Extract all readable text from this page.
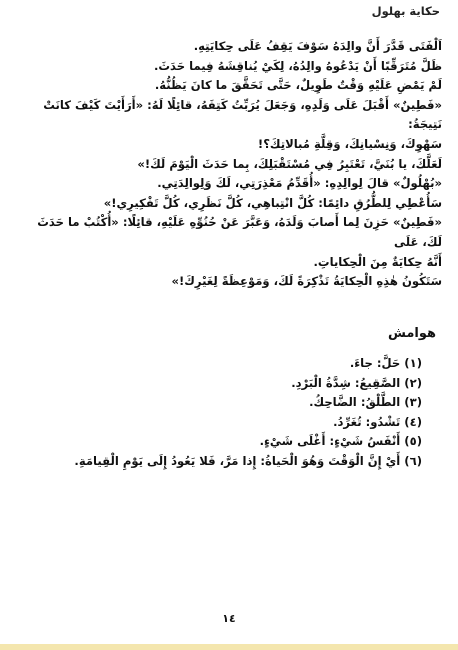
حكاية بهلول

اَلْفَتَى قَدَّرَ أَنَّ والِدَهُ سَوْفَ يَقِفُ عَلَى حِكايَتِهِ.

ظَلَّ مُتَرَقِّبًا أَنْ يَدْعُوهُ والِدُهُ، لِكَيْ يُناقِشَهُ فِيما حَدَثَ.

لَمْ يَمْضِ عَلَيْهِ وَقْتٌ طَوِيلٌ، حَتَّى تَحَقَّقَ ما كانَ يَظُنُّهُ.

«فَطِينٌ» أَقْبَلَ عَلَى وَلَدِهِ، وَجَعَلَ يُرَبِّتُ كَتِفَهُ، قائِلًا لَهُ: «أَرَأَيْتَ كَيْفَ كانَتْ نَتِيجَةُ:

سَهْوِكَ، وَنِسْيانِكَ، وَقِلَّةِ مُبالاتِكَ؟!

لَعَلَّكَ، يا بُنَيَّ، تَعْتَبِرُ فِي مُسْتَقْبَلِكَ، بِما حَدَثَ الْيَوْمَ لَكَ!»

«بُهْلُولٌ» قالَ لِوالِدِهِ: «أُقَدِّمُ مَعْذِرَتِي، لَكَ وَلِوالِدَتِي.

سَأُعْطِي لِلطُّرُقِ دائِمًا: كُلَّ انْتِباهِي، كُلَّ نَظَرِي، كُلَّ تَفْكِيرِي!»

«فَطِينٌ» حَزِنَ لِما أَصابَ وَلَدَهُ، وَعَبَّرَ عَنْ حُنُوِّهِ عَلَيْهِ، قائِلًا: «أُكْتُبْ ما حَدَثَ لَكَ، عَلَى

أَنَّهُ حِكايَةٌ مِنَ الْحِكاياتِ.

سَتَكُونُ هٰذِهِ الْحِكايَةُ تَذْكِرَةً لَكَ، وَمَوْعِظَةً لِغَيْرِكَ!»

هوامش

(١) حَلَّ: جاءَ.

(٢) الصَّقِيعُ: شِدَّةُ الْبَرْدِ.

(٣) الطَّلْقُ: الضَّاحِكُ.

(٤) تَشْدُو: تُغَرِّدُ.

(٥) أَنْفَسُ شَيْءٍ: أَغْلَى شَيْءٍ.

(٦) أَيْ إِنَّ الْوَقْتَ وَهُوَ الْحَياةُ: إِذا مَرَّ، فَلا يَعُودُ إِلَى يَوْمِ الْقِيامَةِ.

١٤
